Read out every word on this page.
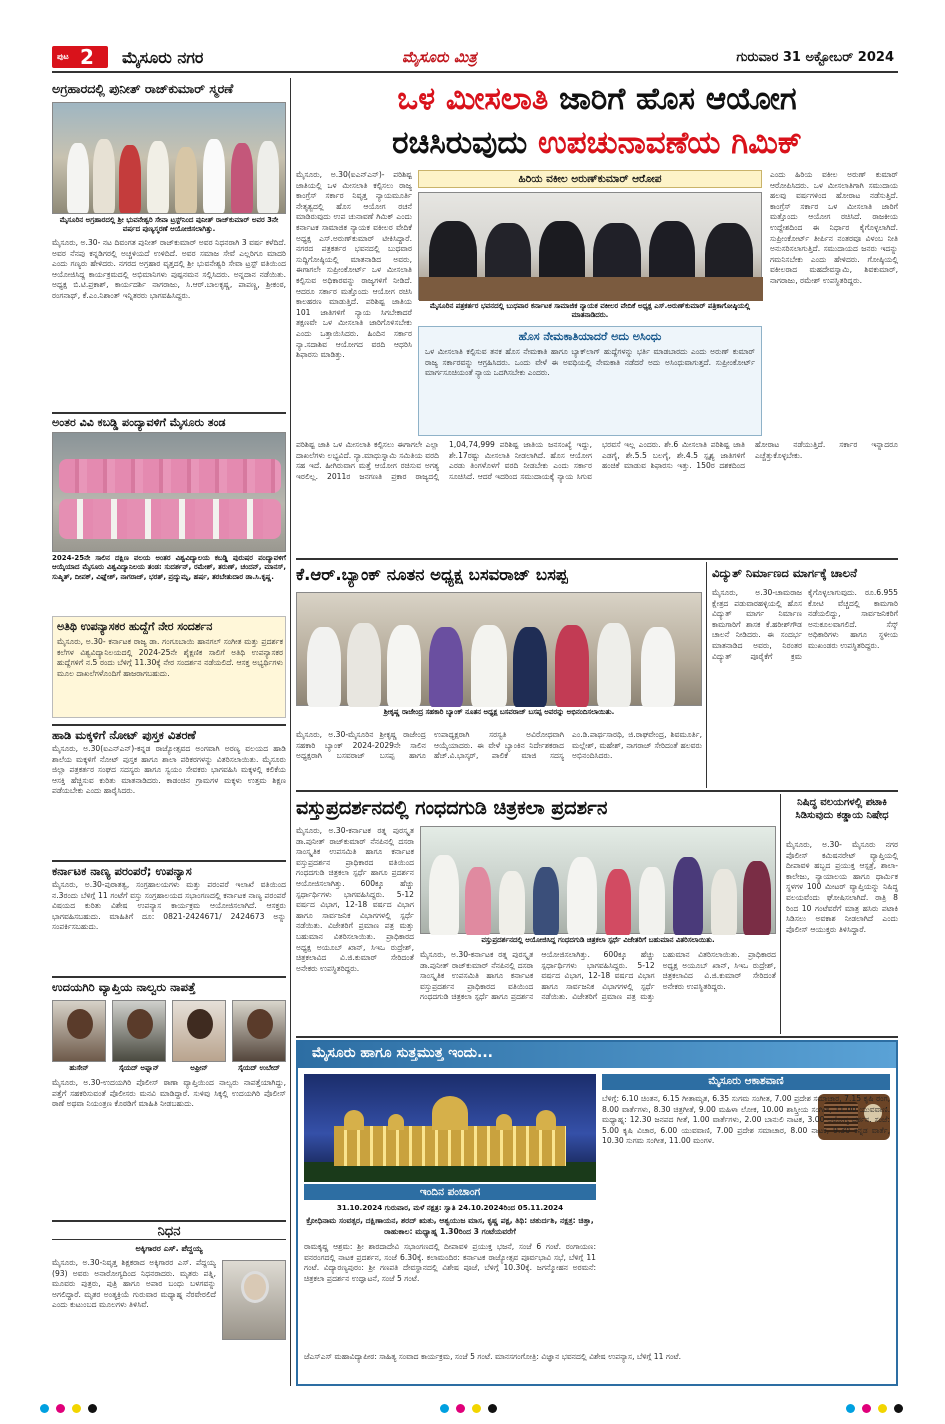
ಪುಟ 2 ಮೈಸೂರು ನಗರ	ಮೈಸೂರು ಮಿತ್ರ	ಗುರುವಾರ 31 ಅಕ್ಟೋಬರ್ 2024
ಅಗ್ರಹಾರದಲ್ಲಿ ಪುನೀತ್ ರಾಜ್‌ಕುಮಾರ್ ಸ್ಮರಣೆ
ಮೈಸೂರಿನ ಅಗ್ರಹಾರದಲ್ಲಿ ಶ್ರೀ ಭುವನೇಶ್ವರಿ ಸೇವಾ ಟ್ರಸ್ಟ್‌ನಿಂದ ಪುನೀತ್ ರಾಜ್‌ಕುಮಾರ್ ಅವರ 3ನೇ ವರ್ಷದ ಪುಣ್ಯಸ್ಮರಣೆ ಆಯೋಜಿಸಲಾಗಿತ್ತು.
ಮೈಸೂರು, ಅ.30- ನಟ ದಿವಂಗತ ಪುನೀತ್ ರಾಜ್‌ಕುಮಾರ್ ಅವರ ನಿಧನರಾಗಿ 3 ವರ್ಷ ಕಳೆದಿದೆ. ಅವರ ನೆನಪು ಕನ್ನಡಿಗರಲ್ಲಿ ಅಚ್ಚಳಿಯದೆ ಉಳಿದಿದೆ. ಅವರ ಸಮಾಜ ಸೇವೆ ಎಲ್ಲರಿಗೂ ಮಾದರಿ ಎಂದು ಗಣ್ಯರು ಹೇಳಿದರು. ನಗರದ ಅಗ್ರಹಾರ ವೃತ್ತದಲ್ಲಿ ಶ್ರೀ ಭುವನೇಶ್ವರಿ ಸೇವಾ ಟ್ರಸ್ಟ್ ವತಿಯಿಂದ ಆಯೋಜಿಸಿದ್ದ ಕಾರ್ಯಕ್ರಮದಲ್ಲಿ ಅಭಿಮಾನಿಗಳು ಪುಷ್ಪನಮನ ಸಲ್ಲಿಸಿದರು. ಅನ್ನದಾನ ನಡೆಯಿತು. ಅಧ್ಯಕ್ಷ ಬಿ.ಟಿ.ಪ್ರಕಾಶ್, ಕಾರ್ಯದರ್ಶಿ ನಾಗರಾಜು, ಸಿ.ಆರ್.ಬಾಲಕೃಷ್ಣ, ಪಾಪಣ್ಣ, ಶ್ರೀಕಂಠ, ರಂಗನಾಥ್, ಕೆ.ಎಂ.ನಿಶಾಂತ್ ಇನ್ನಿತರರು ಭಾಗವಹಿಸಿದ್ದರು.
ಅಂತರ ವಿವಿ ಕಬಡ್ಡಿ ಪಂದ್ಯಾವಳಿಗೆ ಮೈಸೂರು ತಂಡ
2024-25ನೇ ಸಾಲಿನ ದಕ್ಷಿಣ ವಲಯ ಅಂತರ ವಿಶ್ವವಿದ್ಯಾಲಯ ಕಬಡ್ಡಿ ಪುರುಷರ ಪಂದ್ಯಾವಳಿಗೆ ಆಯ್ಕೆಯಾದ ಮೈಸೂರು ವಿಶ್ವವಿದ್ಯಾನಿಲಯ ತಂಡ: ಸುದರ್ಶನ್, ರಮೇಶ್, ತರುಣ್, ಚಂದನ್, ಮಾನಸ್, ಸುಷ್ಮಿತ್, ದೀಪಕ್, ವಿಘ್ನೇಶ್, ನಾಗರಾಜ್, ಭರತ್, ಪ್ರದ್ಯುಮ್ನ, ಹರ್ಷ, ತರಬೇತುದಾರ ಡಾ.ಸಿ.ಕೃಷ್ಣ.
ಅತಿಥಿ ಉಪನ್ಯಾಸಕರ ಹುದ್ದೆಗೆ ನೇರ ಸಂದರ್ಶನ
ಮೈಸೂರು, ಅ.30- ಕರ್ನಾಟಕ ರಾಜ್ಯ ಡಾ. ಗಂಗೂಬಾಯಿ ಹಾನಗಲ್ ಸಂಗೀತ ಮತ್ತು ಪ್ರದರ್ಶಕ ಕಲೆಗಳ ವಿಶ್ವವಿದ್ಯಾನಿಲಯದಲ್ಲಿ 2024-25ನೇ ಶೈಕ್ಷಣಿಕ ಸಾಲಿಗೆ ಅತಿಥಿ ಉಪನ್ಯಾಸಕರ ಹುದ್ದೆಗಳಿಗೆ ನ.5 ರಂದು ಬೆಳಿಗ್ಗೆ 11.30ಕ್ಕೆ ನೇರ ಸಂದರ್ಶನ ನಡೆಯಲಿದೆ. ಆಸಕ್ತ ಅಭ್ಯರ್ಥಿಗಳು ಮೂಲ ದಾಖಲೆಗಳೊಂದಿಗೆ ಹಾಜರಾಗಬಹುದು.
ಹಾಡಿ ಮಕ್ಕಳಿಗೆ ನೋಟ್ ಪುಸ್ತಕ ವಿತರಣೆ
ಮೈಸೂರು, ಅ.30(ಐಎನ್‌ಎನ್)-ಕನ್ನಡ ರಾಜ್ಯೋತ್ಸವದ ಅಂಗವಾಗಿ ಅರಣ್ಯ ವಲಯದ ಹಾಡಿ ಶಾಲೆಯ ಮಕ್ಕಳಿಗೆ ನೋಟ್ ಪುಸ್ತಕ ಹಾಗೂ ಶಾಲಾ ಪರಿಕರಗಳನ್ನು ವಿತರಿಸಲಾಯಿತು. ಮೈಸೂರು ಜಿಲ್ಲಾ ಪತ್ರಕರ್ತರ ಸಂಘದ ಸದಸ್ಯರು ಹಾಗೂ ಸ್ವಯಂ ಸೇವಕರು ಭಾಗವಹಿಸಿ ಮಕ್ಕಳಲ್ಲಿ ಕಲಿಕೆಯ ಆಸಕ್ತಿ ಹೆಚ್ಚಿಸುವ ಕುರಿತು ಮಾತನಾಡಿದರು. ಕಾಡಂಚಿನ ಗ್ರಾಮಗಳ ಮಕ್ಕಳು ಉತ್ತಮ ಶಿಕ್ಷಣ ಪಡೆಯಬೇಕು ಎಂದು ಹಾರೈಸಿದರು.
ಕರ್ನಾಟಕ ನಾಣ್ಯ ಪರಂಪರೆ; ಉಪನ್ಯಾಸ
ಮೈಸೂರು, ಅ.30-ಪುರಾತತ್ವ, ಸಂಗ್ರಹಾಲಯಗಳು ಮತ್ತು ಪರಂಪರೆ ಇಲಾಖೆ ವತಿಯಿಂದ ನ.3ರಂದು ಬೆಳಿಗ್ಗೆ 11 ಗಂಟೆಗೆ ವಸ್ತು ಸಂಗ್ರಹಾಲಯದ ಸಭಾಂಗಣದಲ್ಲಿ ಕರ್ನಾಟಕ ನಾಣ್ಯ ಪರಂಪರೆ ವಿಷಯದ ಕುರಿತು ವಿಶೇಷ ಉಪನ್ಯಾಸ ಕಾರ್ಯಕ್ರಮ ಆಯೋಜಿಸಲಾಗಿದೆ. ಆಸಕ್ತರು ಭಾಗವಹಿಸಬಹುದು. ಮಾಹಿತಿಗೆ ದೂ: 0821-2424671/ 2424673 ಅನ್ನು ಸಂಪರ್ಕಿಸಬಹುದು.
ಉದಯಗಿರಿ ವ್ಯಾಪ್ತಿಯ ನಾಲ್ವರು ನಾಪತ್ತೆ
ಹುಸೇನ್	ಸೈಯದ್ ಅಫ್ನಾನ್	ಅಫ್ರೀನ್	ಸೈಯದ್ ಉಬೇದ್
ಮೈಸೂರು, ಅ.30-ಉದಯಗಿರಿ ಪೊಲೀಸ್ ಠಾಣಾ ವ್ಯಾಪ್ತಿಯಿಂದ ನಾಲ್ವರು ನಾಪತ್ತೆಯಾಗಿದ್ದು, ಪತ್ತೆಗೆ ಸಹಕರಿಸುವಂತೆ ಪೊಲೀಸರು ಮನವಿ ಮಾಡಿದ್ದಾರೆ. ಸುಳಿವು ಸಿಕ್ಕಲ್ಲಿ ಉದಯಗಿರಿ ಪೊಲೀಸ್ ಠಾಣೆ ಅಥವಾ ನಿಯಂತ್ರಣ ಕೊಠಡಿಗೆ ಮಾಹಿತಿ ನೀಡಬಹುದು.
ನಿಧನ
ಅಕ್ಕಿಗಾರರ ಎಸ್. ಪೆದ್ದಯ್ಯ
ಮೈಸೂರು, ಅ.30-ನಿವೃತ್ತ ಶಿಕ್ಷಕರಾದ ಅಕ್ಕಿಗಾರರ ಎಸ್. ಪೆದ್ದಯ್ಯ (93) ಅವರು ಅನಾರೋಗ್ಯದಿಂದ ನಿಧನರಾದರು. ಮೃತರು ಪತ್ನಿ, ಮೂವರು ಪುತ್ರರು, ಪುತ್ರಿ ಹಾಗೂ ಅಪಾರ ಬಂಧು ಬಳಗವನ್ನು ಅಗಲಿದ್ದಾರೆ. ಮೃತರ ಅಂತ್ಯಕ್ರಿಯೆ ಗುರುವಾರ ಮಧ್ಯಾಹ್ನ ನೆರವೇರಲಿದೆ ಎಂದು ಕುಟುಂಬದ ಮೂಲಗಳು ತಿಳಿಸಿವೆ.
ಒಳ ಮೀಸಲಾತಿ ಜಾರಿಗೆ ಹೊಸ ಆಯೋಗ
ರಚಿಸಿರುವುದು ಉಪಚುನಾವಣೆಯ ಗಿಮಿಕ್
ಮೈಸೂರು, ಅ.30(ಐಎನ್‌ಎನ್)- ಪರಿಶಿಷ್ಟ ಜಾತಿಯಲ್ಲಿ ಒಳ ಮೀಸಲಾತಿ ಕಲ್ಪಿಸಲು ರಾಜ್ಯ ಕಾಂಗ್ರೆಸ್ ಸರ್ಕಾರ ನಿವೃತ್ತ ನ್ಯಾಯಮೂರ್ತಿ ನೇತೃತ್ವದಲ್ಲಿ ಹೊಸ ಆಯೋಗ ರಚನೆ ಮಾಡಿರುವುದು ಉಪ ಚುನಾವಣೆ ಗಿಮಿಕ್ ಎಂದು ಕರ್ನಾಟಕ ಸಾಮಾಜಿಕ ನ್ಯಾಯಕ ವಕೀಲರ ವೇದಿಕೆ ಅಧ್ಯಕ್ಷ ಎಸ್.ಅರುಣ್‌ಕುಮಾರ್ ಟೀಕಿಸಿದ್ದಾರೆ. ನಗರದ ಪತ್ರಕರ್ತರ ಭವನದಲ್ಲಿ ಬುಧವಾರ ಸುದ್ದಿಗೋಷ್ಠಿಯಲ್ಲಿ ಮಾತನಾಡಿದ ಅವರು, ಈಗಾಗಲೇ ಸುಪ್ರೀಂಕೋರ್ಟ್ ಒಳ ಮೀಸಲಾತಿ ಕಲ್ಪಿಸುವ ಅಧಿಕಾರವನ್ನು ರಾಜ್ಯಗಳಿಗೆ ನೀಡಿದೆ. ಆದರೂ ಸರ್ಕಾರ ಮತ್ತೊಂದು ಆಯೋಗ ರಚಿಸಿ ಕಾಲಹರಣ ಮಾಡುತ್ತಿದೆ. ಪರಿಶಿಷ್ಟ ಜಾತಿಯ 101 ಜಾತಿಗಳಿಗೆ ನ್ಯಾಯ ಸಿಗಬೇಕಾದರೆ ತಕ್ಷಣವೇ ಒಳ ಮೀಸಲಾತಿ ಜಾರಿಗೊಳಿಸಬೇಕು ಎಂದು ಒತ್ತಾಯಿಸಿದರು. ಹಿಂದಿನ ಸರ್ಕಾರ ನ್ಯಾ.ಸದಾಶಿವ ಆಯೋಗದ ವರದಿ ಆಧರಿಸಿ ಶಿಫಾರಸು ಮಾಡಿತ್ತು.
ಹಿರಿಯ ವಕೀಲ ಅರುಣ್‌ಕುಮಾರ್ ಆರೋಪ
ಮೈಸೂರಿನ ಪತ್ರಕರ್ತರ ಭವನದಲ್ಲಿ ಬುಧವಾರ ಕರ್ನಾಟಕ ಸಾಮಾಜಿಕ ನ್ಯಾಯಕ ವಕೀಲರ ವೇದಿಕೆ ಅಧ್ಯಕ್ಷ ಎಸ್.ಅರುಣ್‌ಕುಮಾರ್ ಪತ್ರಿಕಾಗೋಷ್ಠಿಯಲ್ಲಿ ಮಾತನಾಡಿದರು.
ಎಂದು ಹಿರಿಯ ವಕೀಲ ಅರುಣ್ ಕುಮಾರ್ ಆರೋಪಿಸಿದರು. ಒಳ ಮೀಸಲಾತಿಗಾಗಿ ಸಮುದಾಯ ಹಲವು ವರ್ಷಗಳಿಂದ ಹೋರಾಟ ನಡೆಸುತ್ತಿದೆ. ಕಾಂಗ್ರೆಸ್ ಸರ್ಕಾರ ಒಳ ಮೀಸಲಾತಿ ಜಾರಿಗೆ ಮತ್ತೊಂದು ಆಯೋಗ ರಚಿಸಿದೆ. ರಾಜಕೀಯ ಉದ್ದೇಶದಿಂದ ಈ ನಿರ್ಧಾರ ಕೈಗೊಳ್ಳಲಾಗಿದೆ. ಸುಪ್ರೀಂಕೋರ್ಟ್ ತೀರ್ಪಿನ ನಂತರವೂ ವಿಳಂಬ ನೀತಿ ಅನುಸರಿಸಲಾಗುತ್ತಿದೆ. ಸಮುದಾಯದ ಜನರು ಇದನ್ನು ಗಮನಿಸಬೇಕು ಎಂದು ಹೇಳಿದರು. ಗೋಷ್ಠಿಯಲ್ಲಿ ವಕೀಲರಾದ ಮಹದೇವಸ್ವಾಮಿ, ಶಿವಕುಮಾರ್, ನಾಗರಾಜು, ರಮೇಶ್ ಉಪಸ್ಥಿತರಿದ್ದರು.
ಹೊಸ ನೇಮಕಾತಿಯಾದರೆ ಅದು ಅಸಿಂಧು
ಒಳ ಮೀಸಲಾತಿ ಕಲ್ಪಿಸುವ ತನಕ ಹೊಸ ನೇಮಕಾತಿ ಹಾಗೂ ಬ್ಯಾಕ್‌ಲಾಗ್ ಹುದ್ದೆಗಳನ್ನು ಭರ್ತಿ ಮಾಡಬಾರದು ಎಂದು ಅರುಣ್ ಕುಮಾರ್ ರಾಜ್ಯ ಸರ್ಕಾರವನ್ನು ಆಗ್ರಹಿಸಿದರು. ಒಂದು ವೇಳೆ ಈ ಅವಧಿಯಲ್ಲಿ ನೇಮಕಾತಿ ನಡೆದರೆ ಅದು ಅಸಿಂಧುವಾಗುತ್ತದೆ. ಸುಪ್ರೀಂಕೋರ್ಟ್ ಮಾರ್ಗಸೂಚಿಯಂತೆ ನ್ಯಾಯ ಒದಗಿಸಬೇಕು ಎಂದರು.
ಪರಿಶಿಷ್ಟ ಜಾತಿ ಒಳ ಮೀಸಲಾತಿ ಕಲ್ಪಿಸಲು ಈಗಾಗಲೇ ಎಲ್ಲಾ ದಾಖಲೆಗಳು ಲಭ್ಯವಿದೆ. ನ್ಯಾ.ಮಾಧುಸ್ವಾಮಿ ಸಮಿತಿಯ ವರದಿ ಸಹ ಇದೆ. ಹೀಗಿರುವಾಗ ಮತ್ತೆ ಆಯೋಗ ರಚಿಸುವ ಅಗತ್ಯ ಇರಲಿಲ್ಲ. 2011ರ ಜನಗಣತಿ ಪ್ರಕಾರ ರಾಜ್ಯದಲ್ಲಿ 1,04,74,999 ಪರಿಶಿಷ್ಟ ಜಾತಿಯ ಜನಸಂಖ್ಯೆ ಇದ್ದು, ಶೇ.17ರಷ್ಟು ಮೀಸಲಾತಿ ನೀಡಲಾಗಿದೆ. ಹೊಸ ಆಯೋಗ ಎರಡು ತಿಂಗಳೊಳಗೆ ವರದಿ ನೀಡಬೇಕು ಎಂದು ಸರ್ಕಾರ ಸೂಚಿಸಿದೆ. ಆದರೆ ಇದರಿಂದ ಸಮುದಾಯಕ್ಕೆ ನ್ಯಾಯ ಸಿಗುವ ಭರವಸೆ ಇಲ್ಲ ಎಂದರು. ಶೇ.6 ಮೀಸಲಾತಿ ಪರಿಶಿಷ್ಟ ಜಾತಿ ಎಡಗೈ, ಶೇ.5.5 ಬಲಗೈ, ಶೇ.4.5 ಸ್ಪೃಶ್ಯ ಜಾತಿಗಳಿಗೆ ಹಂಚಿಕೆ ಮಾಡುವ ಶಿಫಾರಸು ಇತ್ತು. 150ರ ದಶಕದಿಂದ ಹೋರಾಟ ನಡೆಯುತ್ತಿದೆ. ಸರ್ಕಾರ ಇನ್ನಾದರೂ ಎಚ್ಚೆತ್ತುಕೊಳ್ಳಬೇಕು.
ಕೆ.ಆರ್.ಬ್ಯಾಂಕ್ ನೂತನ ಅಧ್ಯಕ್ಷ ಬಸವರಾಜ್ ಬಸಪ್ಪ
ಶ್ರೀಕೃಷ್ಣ ರಾಜೇಂದ್ರ ಸಹಕಾರಿ ಬ್ಯಾಂಕ್ ನೂತನ ಅಧ್ಯಕ್ಷ ಬಸವರಾಜ್ ಬಸಪ್ಪ ಅವರನ್ನು ಅಭಿನಂದಿಸಲಾಯಿತು.
ಮೈಸೂರು, ಅ.30-ಮೈಸೂರಿನ ಶ್ರೀಕೃಷ್ಣ ರಾಜೇಂದ್ರ ಸಹಕಾರಿ ಬ್ಯಾಂಕ್ 2024-2029ನೇ ಸಾಲಿನ ಅಧ್ಯಕ್ಷರಾಗಿ ಬಸವರಾಜ್ ಬಸಪ್ಪ ಹಾಗೂ ಉಪಾಧ್ಯಕ್ಷರಾಗಿ ಸರಸ್ವತಿ ಅವಿರೋಧವಾಗಿ ಆಯ್ಕೆಯಾದರು. ಈ ವೇಳೆ ಬ್ಯಾಂಕಿನ ನಿರ್ದೇಶಕರಾದ ಹೆಚ್.ವಿ.ಭಾಸ್ಕರ್, ಪಾಲಿಕೆ ಮಾಜಿ ಸದಸ್ಯ ಎಂ.ಡಿ.ಪಾರ್ಥಸಾರಥಿ, ಜಿ.ರಾಘವೇಂದ್ರ, ಶಿವಮೂರ್ತಿ, ಮಲ್ಲೇಶ್, ಮಹೇಶ್, ನಾಗರಾಜ್ ಸೇರಿದಂತೆ ಹಲವರು ಅಭಿನಂದಿಸಿದರು.
ವಿದ್ಯುತ್ ನಿರ್ಮಾಣದ ಮಾರ್ಗಕ್ಕೆ ಚಾಲನೆ
ಮೈಸೂರು, ಅ.30-ಚಾಮರಾಜ ಕ್ಷೇತ್ರದ ಪಡುವಾರಹಳ್ಳಿಯಲ್ಲಿ ಹೊಸ ವಿದ್ಯುತ್ ಮಾರ್ಗ ನಿರ್ಮಾಣ ಕಾಮಗಾರಿಗೆ ಶಾಸಕ ಕೆ.ಹರೀಶ್‌ಗೌಡ ಚಾಲನೆ ನೀಡಿದರು. ಈ ಸಂದರ್ಭ ಮಾತನಾಡಿದ ಅವರು, ನಿರಂತರ ವಿದ್ಯುತ್ ಪೂರೈಕೆಗೆ ಕ್ರಮ ಕೈಗೊಳ್ಳಲಾಗುವುದು. ರೂ.6.955 ಕೋಟಿ ವೆಚ್ಚದಲ್ಲಿ ಕಾಮಗಾರಿ ನಡೆಯಲಿದ್ದು, ಸಾರ್ವಜನಿಕರಿಗೆ ಅನುಕೂಲವಾಗಲಿದೆ. ಸೆಸ್ಕ್ ಅಧಿಕಾರಿಗಳು ಹಾಗೂ ಸ್ಥಳೀಯ ಮುಖಂಡರು ಉಪಸ್ಥಿತರಿದ್ದರು.
ವಸ್ತುಪ್ರದರ್ಶನದಲ್ಲಿ ಗಂಧದಗುಡಿ ಚಿತ್ರಕಲಾ ಪ್ರದರ್ಶನ
ವಸ್ತುಪ್ರದರ್ಶನದಲ್ಲಿ ಆಯೋಜಿಸಿದ್ದ ಗಂಧದಗುಡಿ ಚಿತ್ರಕಲಾ ಸ್ಪರ್ಧೆ ವಿಜೇತರಿಗೆ ಬಹುಮಾನ ವಿತರಿಸಲಾಯಿತು.
ಮೈಸೂರು, ಅ.30-ಕರ್ನಾಟಕ ರತ್ನ ಪುರಸ್ಕೃತ ಡಾ.ಪುನೀತ್ ರಾಜ್‌ಕುಮಾರ್ ನೆನಪಿನಲ್ಲಿ ದಸರಾ ಸಾಂಸ್ಕೃತಿಕ ಉಪಸಮಿತಿ ಹಾಗೂ ಕರ್ನಾಟಕ ವಸ್ತುಪ್ರದರ್ಶನ ಪ್ರಾಧಿಕಾರದ ವತಿಯಿಂದ ಗಂಧದಗುಡಿ ಚಿತ್ರಕಲಾ ಸ್ಪರ್ಧೆ ಹಾಗೂ ಪ್ರದರ್ಶನ ಆಯೋಜಿಸಲಾಗಿತ್ತು. 600ಕ್ಕೂ ಹೆಚ್ಚು ಸ್ಪರ್ಧಾರ್ಥಿಗಳು ಭಾಗವಹಿಸಿದ್ದರು. 5-12 ವರ್ಷದ ವಿಭಾಗ, 12-18 ವರ್ಷದ ವಿಭಾಗ ಹಾಗೂ ಸಾರ್ವಜನಿಕ ವಿಭಾಗಗಳಲ್ಲಿ ಸ್ಪರ್ಧೆ ನಡೆಯಿತು. ವಿಜೇತರಿಗೆ ಪ್ರಮಾಣ ಪತ್ರ ಮತ್ತು ಬಹುಮಾನ ವಿತರಿಸಲಾಯಿತು. ಪ್ರಾಧಿಕಾರದ ಅಧ್ಯಕ್ಷ ಅಯೂಬ್ ಖಾನ್, ಸಿಇಒ ರುದ್ರೇಶ್, ಚಿತ್ರಕಲಾವಿದ ವಿ.ಜಿ.ಕುಮಾರ್ ಸೇರಿದಂತೆ ಅನೇಕರು ಉಪಸ್ಥಿತರಿದ್ದರು.
ಮೈಸೂರು, ಅ.30-ಕರ್ನಾಟಕ ರತ್ನ ಪುರಸ್ಕೃತ ಡಾ.ಪುನೀತ್ ರಾಜ್‌ಕುಮಾರ್ ನೆನಪಿನಲ್ಲಿ ದಸರಾ ಸಾಂಸ್ಕೃತಿಕ ಉಪಸಮಿತಿ ಹಾಗೂ ಕರ್ನಾಟಕ ವಸ್ತುಪ್ರದರ್ಶನ ಪ್ರಾಧಿಕಾರದ ವತಿಯಿಂದ ಗಂಧದಗುಡಿ ಚಿತ್ರಕಲಾ ಸ್ಪರ್ಧೆ ಹಾಗೂ ಪ್ರದರ್ಶನ ಆಯೋಜಿಸಲಾಗಿತ್ತು. 600ಕ್ಕೂ ಹೆಚ್ಚು ಸ್ಪರ್ಧಾರ್ಥಿಗಳು ಭಾಗವಹಿಸಿದ್ದರು. 5-12 ವರ್ಷದ ವಿಭಾಗ, 12-18 ವರ್ಷದ ವಿಭಾಗ ಹಾಗೂ ಸಾರ್ವಜನಿಕ ವಿಭಾಗಗಳಲ್ಲಿ ಸ್ಪರ್ಧೆ ನಡೆಯಿತು. ವಿಜೇತರಿಗೆ ಪ್ರಮಾಣ ಪತ್ರ ಮತ್ತು ಬಹುಮಾನ ವಿತರಿಸಲಾಯಿತು. ಪ್ರಾಧಿಕಾರದ ಅಧ್ಯಕ್ಷ ಅಯೂಬ್ ಖಾನ್, ಸಿಇಒ ರುದ್ರೇಶ್, ಚಿತ್ರಕಲಾವಿದ ವಿ.ಜಿ.ಕುಮಾರ್ ಸೇರಿದಂತೆ ಅನೇಕರು ಉಪಸ್ಥಿತರಿದ್ದರು.
ನಿಷಿದ್ಧ ವಲಯಗಳಲ್ಲಿ ಪಟಾಕಿ ಸಿಡಿಸುವುದು ಕಡ್ಡಾಯ ನಿಷೇಧ
ಮೈಸೂರು, ಅ.30- ಮೈಸೂರು ನಗರ ಪೊಲೀಸ್ ಕಮಿಷನರೇಟ್ ವ್ಯಾಪ್ತಿಯಲ್ಲಿ ದೀಪಾವಳಿ ಹಬ್ಬದ ಪ್ರಯುಕ್ತ ಆಸ್ಪತ್ರೆ, ಶಾಲಾ-ಕಾಲೇಜು, ನ್ಯಾಯಾಲಯ ಹಾಗೂ ಧಾರ್ಮಿಕ ಸ್ಥಳಗಳ 100 ಮೀಟರ್ ವ್ಯಾಪ್ತಿಯನ್ನು ನಿಷಿದ್ಧ ವಲಯವೆಂದು ಘೋಷಿಸಲಾಗಿದೆ. ರಾತ್ರಿ 8 ರಿಂದ 10 ಗಂಟೆವರೆಗೆ ಮಾತ್ರ ಹಸಿರು ಪಟಾಕಿ ಸಿಡಿಸಲು ಅವಕಾಶ ನೀಡಲಾಗಿದೆ ಎಂದು ಪೊಲೀಸ್ ಆಯುಕ್ತರು ತಿಳಿಸಿದ್ದಾರೆ.
ಮೈಸೂರು ಹಾಗೂ ಸುತ್ತಮುತ್ತ ಇಂದು...
ಇಂದಿನ ಪಂಚಾಂಗ
31.10.2024 ಗುರುವಾರ, ಮಳೆ ನಕ್ಷತ್ರ: ಸ್ವಾತಿ 24.10.2024ರಿಂದ 05.11.2024
ಕ್ರೋಧಿನಾಮ ಸಂವತ್ಸರ, ದಕ್ಷಿಣಾಯನ, ಶರದ್ ಋತು, ಆಶ್ವಯುಜ ಮಾಸ, ಕೃಷ್ಣ ಪಕ್ಷ, ತಿಥಿ: ಚತುರ್ದಶಿ, ನಕ್ಷತ್ರ: ಚಿತ್ತಾ, ರಾಹುಕಾಲ: ಮಧ್ಯಾಹ್ನ 1.30ರಿಂದ 3 ಗಂಟೆಯವರೆಗೆ
ರಾಮಕೃಷ್ಣ ಆಶ್ರಮ: ಶ್ರೀ ಶಾರದಾದೇವಿ ಸಭಾಂಗಣದಲ್ಲಿ ದೀಪಾವಳಿ ಪ್ರಯುಕ್ತ ಭಜನೆ, ಸಂಜೆ 6 ಗಂಟೆ. ರಂಗಾಯಣ: ವನರಂಗದಲ್ಲಿ ನಾಟಕ ಪ್ರದರ್ಶನ, ಸಂಜೆ 6.30ಕ್ಕೆ. ಕಲಾಮಂದಿರ: ಕರ್ನಾಟಕ ರಾಜ್ಯೋತ್ಸವ ಪೂರ್ವಭಾವಿ ಸಭೆ, ಬೆಳಿಗ್ಗೆ 11 ಗಂಟೆ. ವಿದ್ಯಾರಣ್ಯಪುರಂ: ಶ್ರೀ ಗಣಪತಿ ದೇವಸ್ಥಾನದಲ್ಲಿ ವಿಶೇಷ ಪೂಜೆ, ಬೆಳಿಗ್ಗೆ 10.30ಕ್ಕೆ. ಜಗನ್ಮೋಹನ ಅರಮನೆ: ಚಿತ್ರಕಲಾ ಪ್ರದರ್ಶನ ಉದ್ಘಾಟನೆ, ಸಂಜೆ 5 ಗಂಟೆ.
ಮೈಸೂರು ಆಕಾಶವಾಣಿ
ಬೆಳಿಗ್ಗೆ: 6.10 ಚಿಂತನ, 6.15 ಗೀತಾಮೃತ, 6.35 ಸುಗಮ ಸಂಗೀತ, 7.00 ಪ್ರದೇಶ ಸಮಾಚಾರ, 7.15 ಕೃಷಿ ರಂಗ, 8.00 ವಾರ್ತೆಗಳು, 8.30 ಚಿತ್ರಗೀತೆ, 9.00 ಮಹಿಳಾ ಲೋಕ, 10.00 ಶಾಸ್ತ್ರೀಯ ಸಂಗೀತ, 11.00 ಯುವವಾಣಿ. ಮಧ್ಯಾಹ್ನ: 12.30 ಜನಪದ ಗೀತೆ, 1.00 ವಾರ್ತೆಗಳು, 2.00 ಬಾನುಲಿ ನಾಟಕ, 3.00 ಆರೋಗ್ಯ ದರ್ಶನ. ಸಂಜೆ: 5.00 ಕೃಷಿ ವಿಚಾರ, 6.00 ಯುವವಾಣಿ, 7.00 ಪ್ರದೇಶ ಸಮಾಚಾರ, 8.00 ನಾಟಕ, 9.30 ಕನ್ನಡ ವಾರ್ತೆ, 10.30 ಸುಗಮ ಸಂಗೀತ, 11.00 ಮಂಗಳ.
ಜೆಎಸ್‌ಎಸ್ ಮಹಾವಿದ್ಯಾಪೀಠ: ಸಾಹಿತ್ಯ ಸಂವಾದ ಕಾರ್ಯಕ್ರಮ, ಸಂಜೆ 5 ಗಂಟೆ. ಮಾನಸಗಂಗೋತ್ರಿ: ವಿಜ್ಞಾನ ಭವನದಲ್ಲಿ ವಿಶೇಷ ಉಪನ್ಯಾಸ, ಬೆಳಿಗ್ಗೆ 11 ಗಂಟೆ.
